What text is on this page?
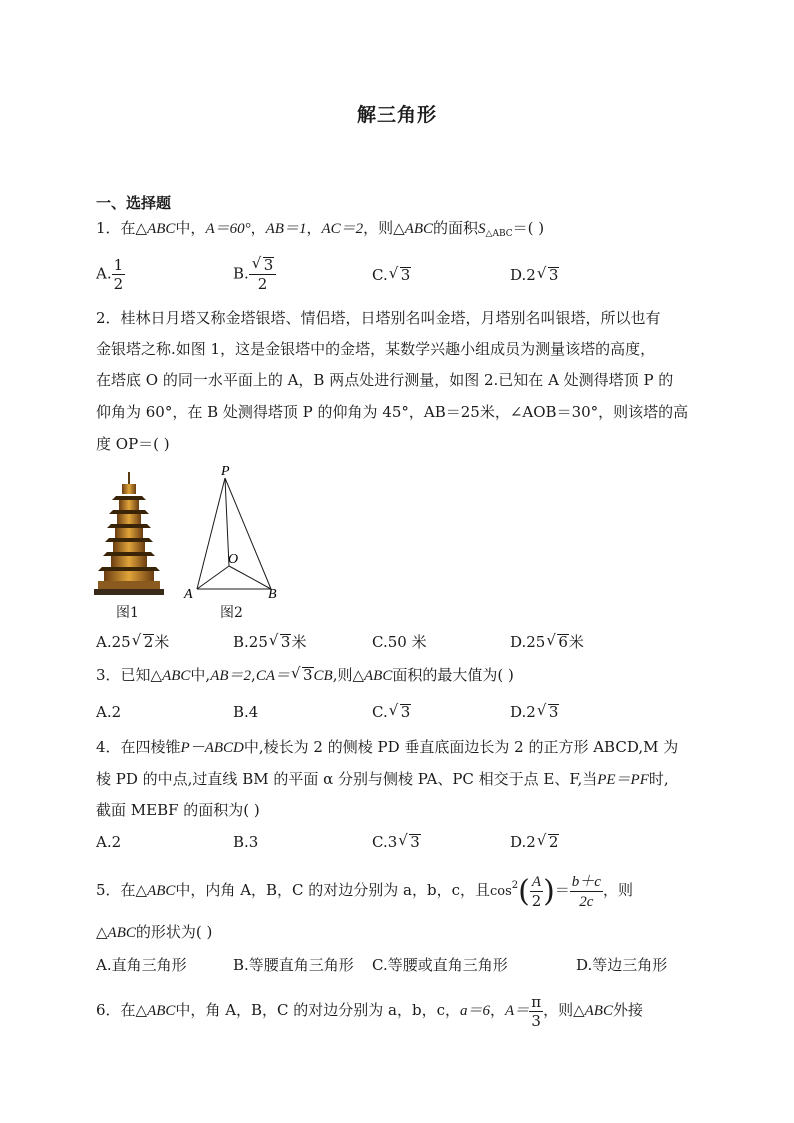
解三角形
一、选择题
1．在△ABC中，A＝60°，AB＝1，AC＝2，则△ABC的面积$S_{\triangle ABC}=$( )
A. $\frac{1}{2}$	B. √ $\frac{3}{2}$	C. √ 3	D.2 √ 3
2．桂林日月塔又称金塔银塔、情侣塔，日塔别名叫金塔，月塔别名叫银塔，所以也有
金银塔之称.如图 1，这是金银塔中的金塔，某数学兴趣小组成员为测量该塔的高度，
在塔底 O 的同一水平面上的 A，B 两点处进行测量，如图 2.已知在 A 处测得塔顶 P 的
仰角为 60°，在 B 处测得塔顶 P 的仰角为 45°，AB＝25米，∠AOB＝30°，则该塔的高
度 OP＝( )
图1
P
O
A	B
图2
A.25 √ 2米	B.25 √ 3米	C.50 米	D.25 √ 6米
3．已知△ABC中,AB＝2,CA＝ √ 3CB,则△ABC面积的最大值为( )
A.2	B.4	C. √ 3	D.2 √ 3
4．在四棱锥P－ABCD中,棱长为 2 的侧棱 PD 垂直底面边长为 2 的正方形 ABCD,M 为
棱 PD 的中点,过直线 BM 的平面 α 分别与侧棱 PA、PC 相交于点 E、F,当PE＝PF时,
截面 MEBF 的面积为( )
A.2	B.3	C.3 √ 3	D.2 √ 2
5．在△ABC中，内角 A，B，C 的对边分别为 a，b，c，且$\cos^2( \frac{A}{2}$ )＝ $\frac{b+c}{2c}$ ，则
△ABC的形状为( )
A.直角三角形	B.等腰直角三角形 C.等腰或直角三角形	D.等边三角形
6．在△ABC中，角 A，B，C 的对边分别为 a，b，c，a＝6，$A= \frac{\pi}{3}$ ，则△ABC外接
